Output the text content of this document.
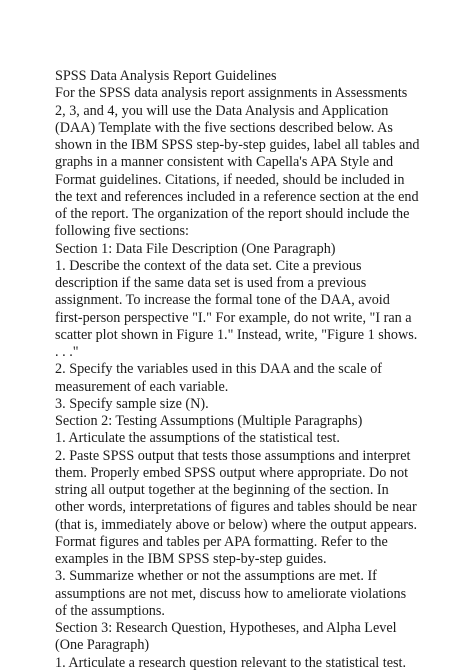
SPSS Data Analysis Report Guidelines
For the SPSS data analysis report assignments in Assessments
2, 3, and 4, you will use the Data Analysis and Application
(DAA) Template with the five sections described below. As
shown in the IBM SPSS step-by-step guides, label all tables and
graphs in a manner consistent with Capella's APA Style and
Format guidelines. Citations, if needed, should be included in
the text and references included in a reference section at the end
of the report. The organization of the report should include the
following five sections:
Section 1: Data File Description (One Paragraph)
1. Describe the context of the data set. Cite a previous
description if the same data set is used from a previous
assignment. To increase the formal tone of the DAA, avoid
first-person perspective "I." For example, do not write, "I ran a
scatter plot shown in Figure 1." Instead, write, "Figure 1 shows.
. . ."
2. Specify the variables used in this DAA and the scale of
measurement of each variable.
3. Specify sample size (N).
Section 2: Testing Assumptions (Multiple Paragraphs)
1. Articulate the assumptions of the statistical test.
2. Paste SPSS output that tests those assumptions and interpret
them. Properly embed SPSS output where appropriate. Do not
string all output together at the beginning of the section. In
other words, interpretations of figures and tables should be near
(that is, immediately above or below) where the output appears.
Format figures and tables per APA formatting. Refer to the
examples in the IBM SPSS step-by-step guides.
3. Summarize whether or not the assumptions are met. If
assumptions are not met, discuss how to ameliorate violations
of the assumptions.
Section 3: Research Question, Hypotheses, and Alpha Level
(One Paragraph)
1. Articulate a research question relevant to the statistical test.
